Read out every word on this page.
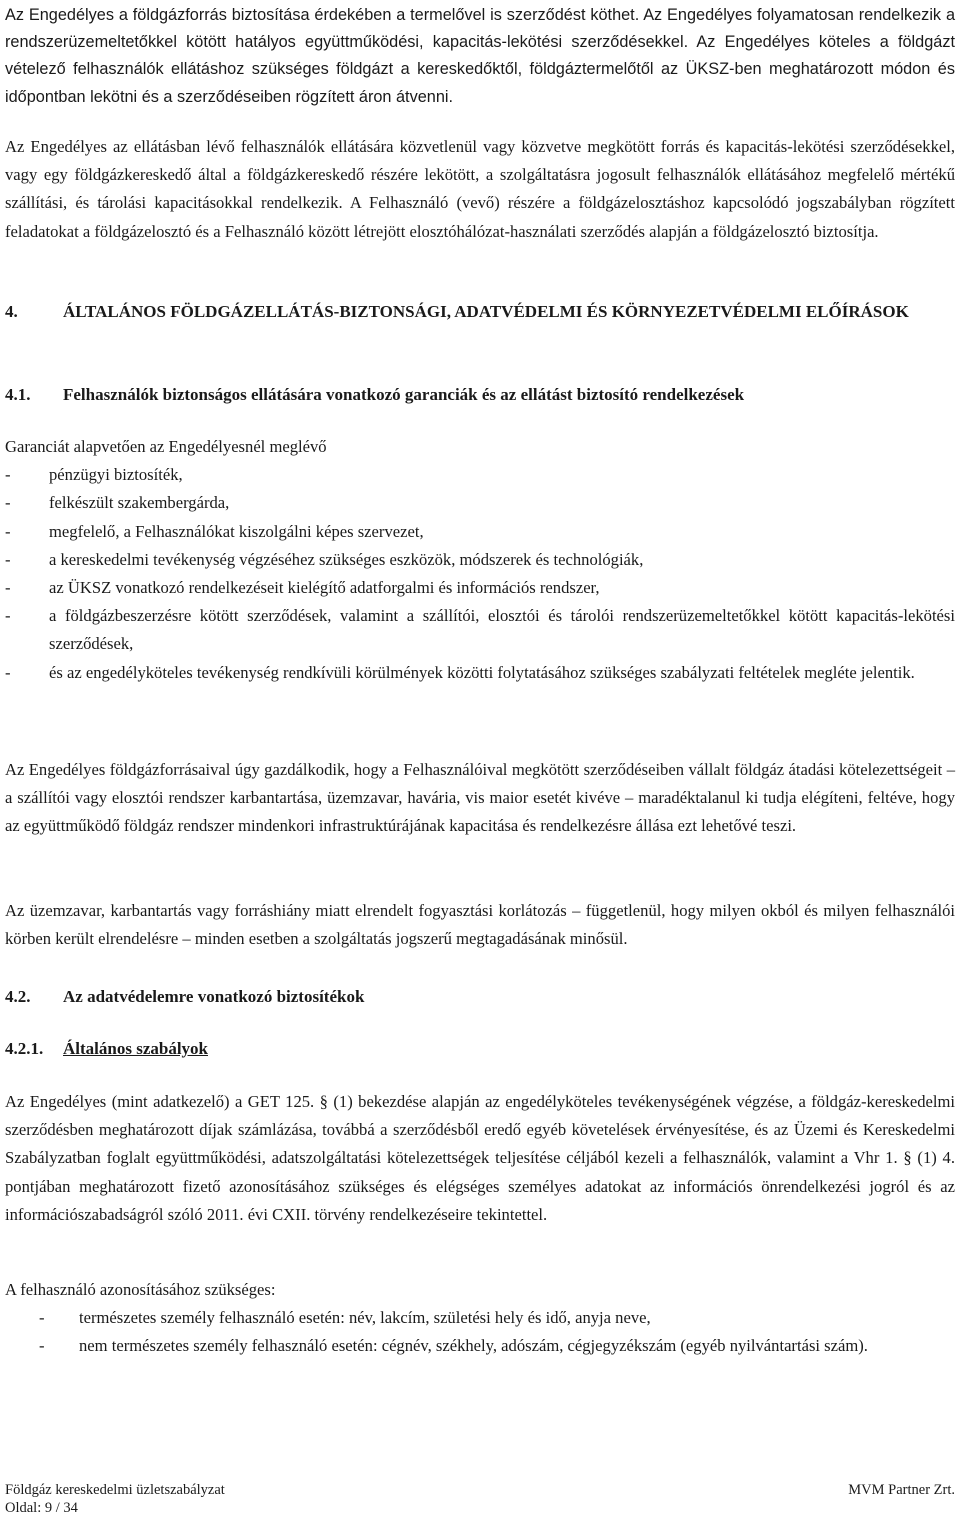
Az Engedélyes a földgázforrás biztosítása érdekében a termelővel is szerződést köthet. Az Engedélyes folyamatosan rendelkezik a rendszerüzemeltetőkkel kötött hatályos együttműködési, kapacitás-lekötési szerződésekkel. Az Engedélyes köteles a földgázt vételező felhasználók ellátáshoz szükséges földgázt a kereskedőktől, földgáztermelőtől az ÜKSZ-ben meghatározott módon és időpontban lekötni és a szerződéseiben rögzített áron átvenni.

Az Engedélyes az ellátásban lévő felhasználók ellátására közvetlenül vagy közvetve megkötött forrás és kapacitás-lekötési szerződésekkel, vagy egy földgázkereskedő által a földgázkereskedő részére lekötött, a szolgáltatásra jogosult felhasználók ellátásához megfelelő mértékű szállítási, és tárolási kapacitásokkal rendelkezik. A Felhasználó (vevő) részére a földgázelosztáshoz kapcsolódó jogszabályban rögzített feladatokat a földgázelosztó és a Felhasználó között létrejött elosztóhálózat-használati szerződés alapján a földgázelosztó biztosítja.

4.	ÁLTALÁNOS FÖLDGÁZELLÁTÁS-BIZTONSÁGI, ADATVÉDELMI ÉS KÖRNYEZETVÉDELMI ELŐÍRÁSOK
4.1. Felhasználók biztonságos ellátására vonatkozó garanciák és az ellátást biztosító rendelkezések

Garanciát alapvetően az Engedélyesnél meglévő

- pénzügyi biztosíték,
- felkészült szakembergárda,
- megfelelő, a Felhasználókat kiszolgálni képes szervezet,
- a kereskedelmi tevékenység végzéséhez szükséges eszközök, módszerek és technológiák,
- az ÜKSZ vonatkozó rendelkezéseit kielégítő adatforgalmi és információs rendszer,
- a földgázbeszerzésre kötött szerződések, valamint a szállítói, elosztói és tárolói rendszerüzemeltetőkkel kötött kapacitás-lekötési szerződések,
- és az engedélyköteles tevékenység rendkívüli körülmények közötti folytatásához szükséges szabályzati feltételek megléte jelentik.

Az Engedélyes földgázforrásaival úgy gazdálkodik, hogy a Felhasználóival megkötött szerződéseiben vállalt földgáz átadási kötelezettségeit – a szállítói vagy elosztói rendszer karbantartása, üzemzavar, havária, vis maior esetét kivéve – maradéktalanul ki tudja elégíteni, feltéve, hogy az együttműködő földgáz rendszer mindenkori infrastruktúrájának kapacitása és rendelkezésre állása ezt lehetővé teszi.

Az üzemzavar, karbantartás vagy forráshiány miatt elrendelt fogyasztási korlátozás – függetlenül, hogy milyen okból és milyen felhasználói körben került elrendelésre – minden esetben a szolgáltatás jogszerű megtagadásának minősül.

4.2. Az adatvédelemre vonatkozó biztosítékok
4.2.1. Általános szabályok

Az Engedélyes (mint adatkezelő) a GET 125. § (1) bekezdése alapján az engedélyköteles tevékenységének végzése, a földgáz-kereskedelmi szerződésben meghatározott díjak számlázása, továbbá a szerződésből eredő egyéb követelések érvényesítése, és az Üzemi és Kereskedelmi Szabályzatban foglalt együttműködési, adatszolgáltatási kötelezettségek teljesítése céljából kezeli a felhasználók, valamint a Vhr 1. § (1) 4. pontjában meghatározott fizető azonosításához szükséges és elégséges személyes adatokat az információs önrendelkezési jogról és az információszabadságról szóló 2011. évi CXII. törvény rendelkezéseire tekintettel.

A felhasználó azonosításához szükséges:

- természetes személy felhasználó esetén: név, lakcím, születési hely és idő, anyja neve,
- nem természetes személy felhasználó esetén: cégnév, székhely, adószám, cégjegyzékszám (egyéb nyilvántartási szám).
Földgáz kereskedelmi üzletszabályzat	MVM Partner Zrt.
Oldal: 9 / 34
